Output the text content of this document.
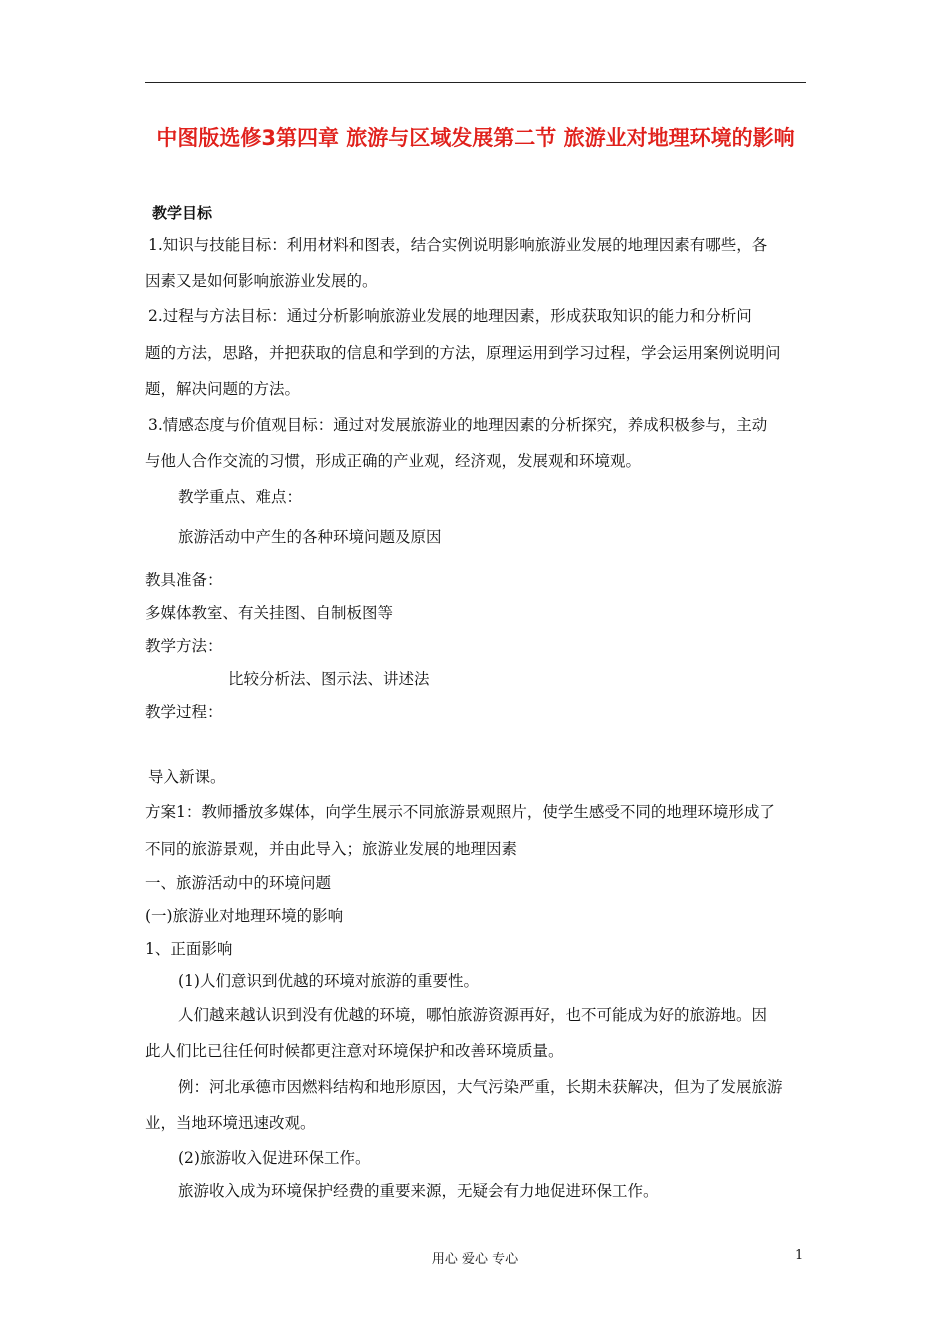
中图版选修3第四章 旅游与区域发展第二节 旅游业对地理环境的影响
教学目标
1.知识与技能目标：利用材料和图表，结合实例说明影响旅游业发展的地理因素有哪些，各
因素又是如何影响旅游业发展的。
2.过程与方法目标：通过分析影响旅游业发展的地理因素，形成获取知识的能力和分析问
题的方法，思路，并把获取的信息和学到的方法，原理运用到学习过程，学会运用案例说明问
题，解决问题的方法。
3.情感态度与价值观目标：通过对发展旅游业的地理因素的分析探究，养成积极参与，主动
与他人合作交流的习惯，形成正确的产业观，经济观，发展观和环境观。
教学重点、难点：
旅游活动中产生的各种环境问题及原因
教具准备：
多媒体教室、有关挂图、自制板图等
教学方法：
比较分析法、图示法、讲述法
教学过程：
导入新课。
方案1：教师播放多媒体，向学生展示不同旅游景观照片，使学生感受不同的地理环境形成了
不同的旅游景观，并由此导入；旅游业发展的地理因素
一、旅游活动中的环境问题
(一)旅游业对地理环境的影响
1、正面影响
(1)人们意识到优越的环境对旅游的重要性。
人们越来越认识到没有优越的环境，哪怕旅游资源再好，也不可能成为好的旅游地。因
此人们比已往任何时候都更注意对环境保护和改善环境质量。
例：河北承德市因燃料结构和地形原因，大气污染严重，长期未获解决，但为了发展旅游
业，当地环境迅速改观。
(2)旅游收入促进环保工作。
旅游收入成为环境保护经费的重要来源，无疑会有力地促进环保工作。
用心 爱心 专心	1
